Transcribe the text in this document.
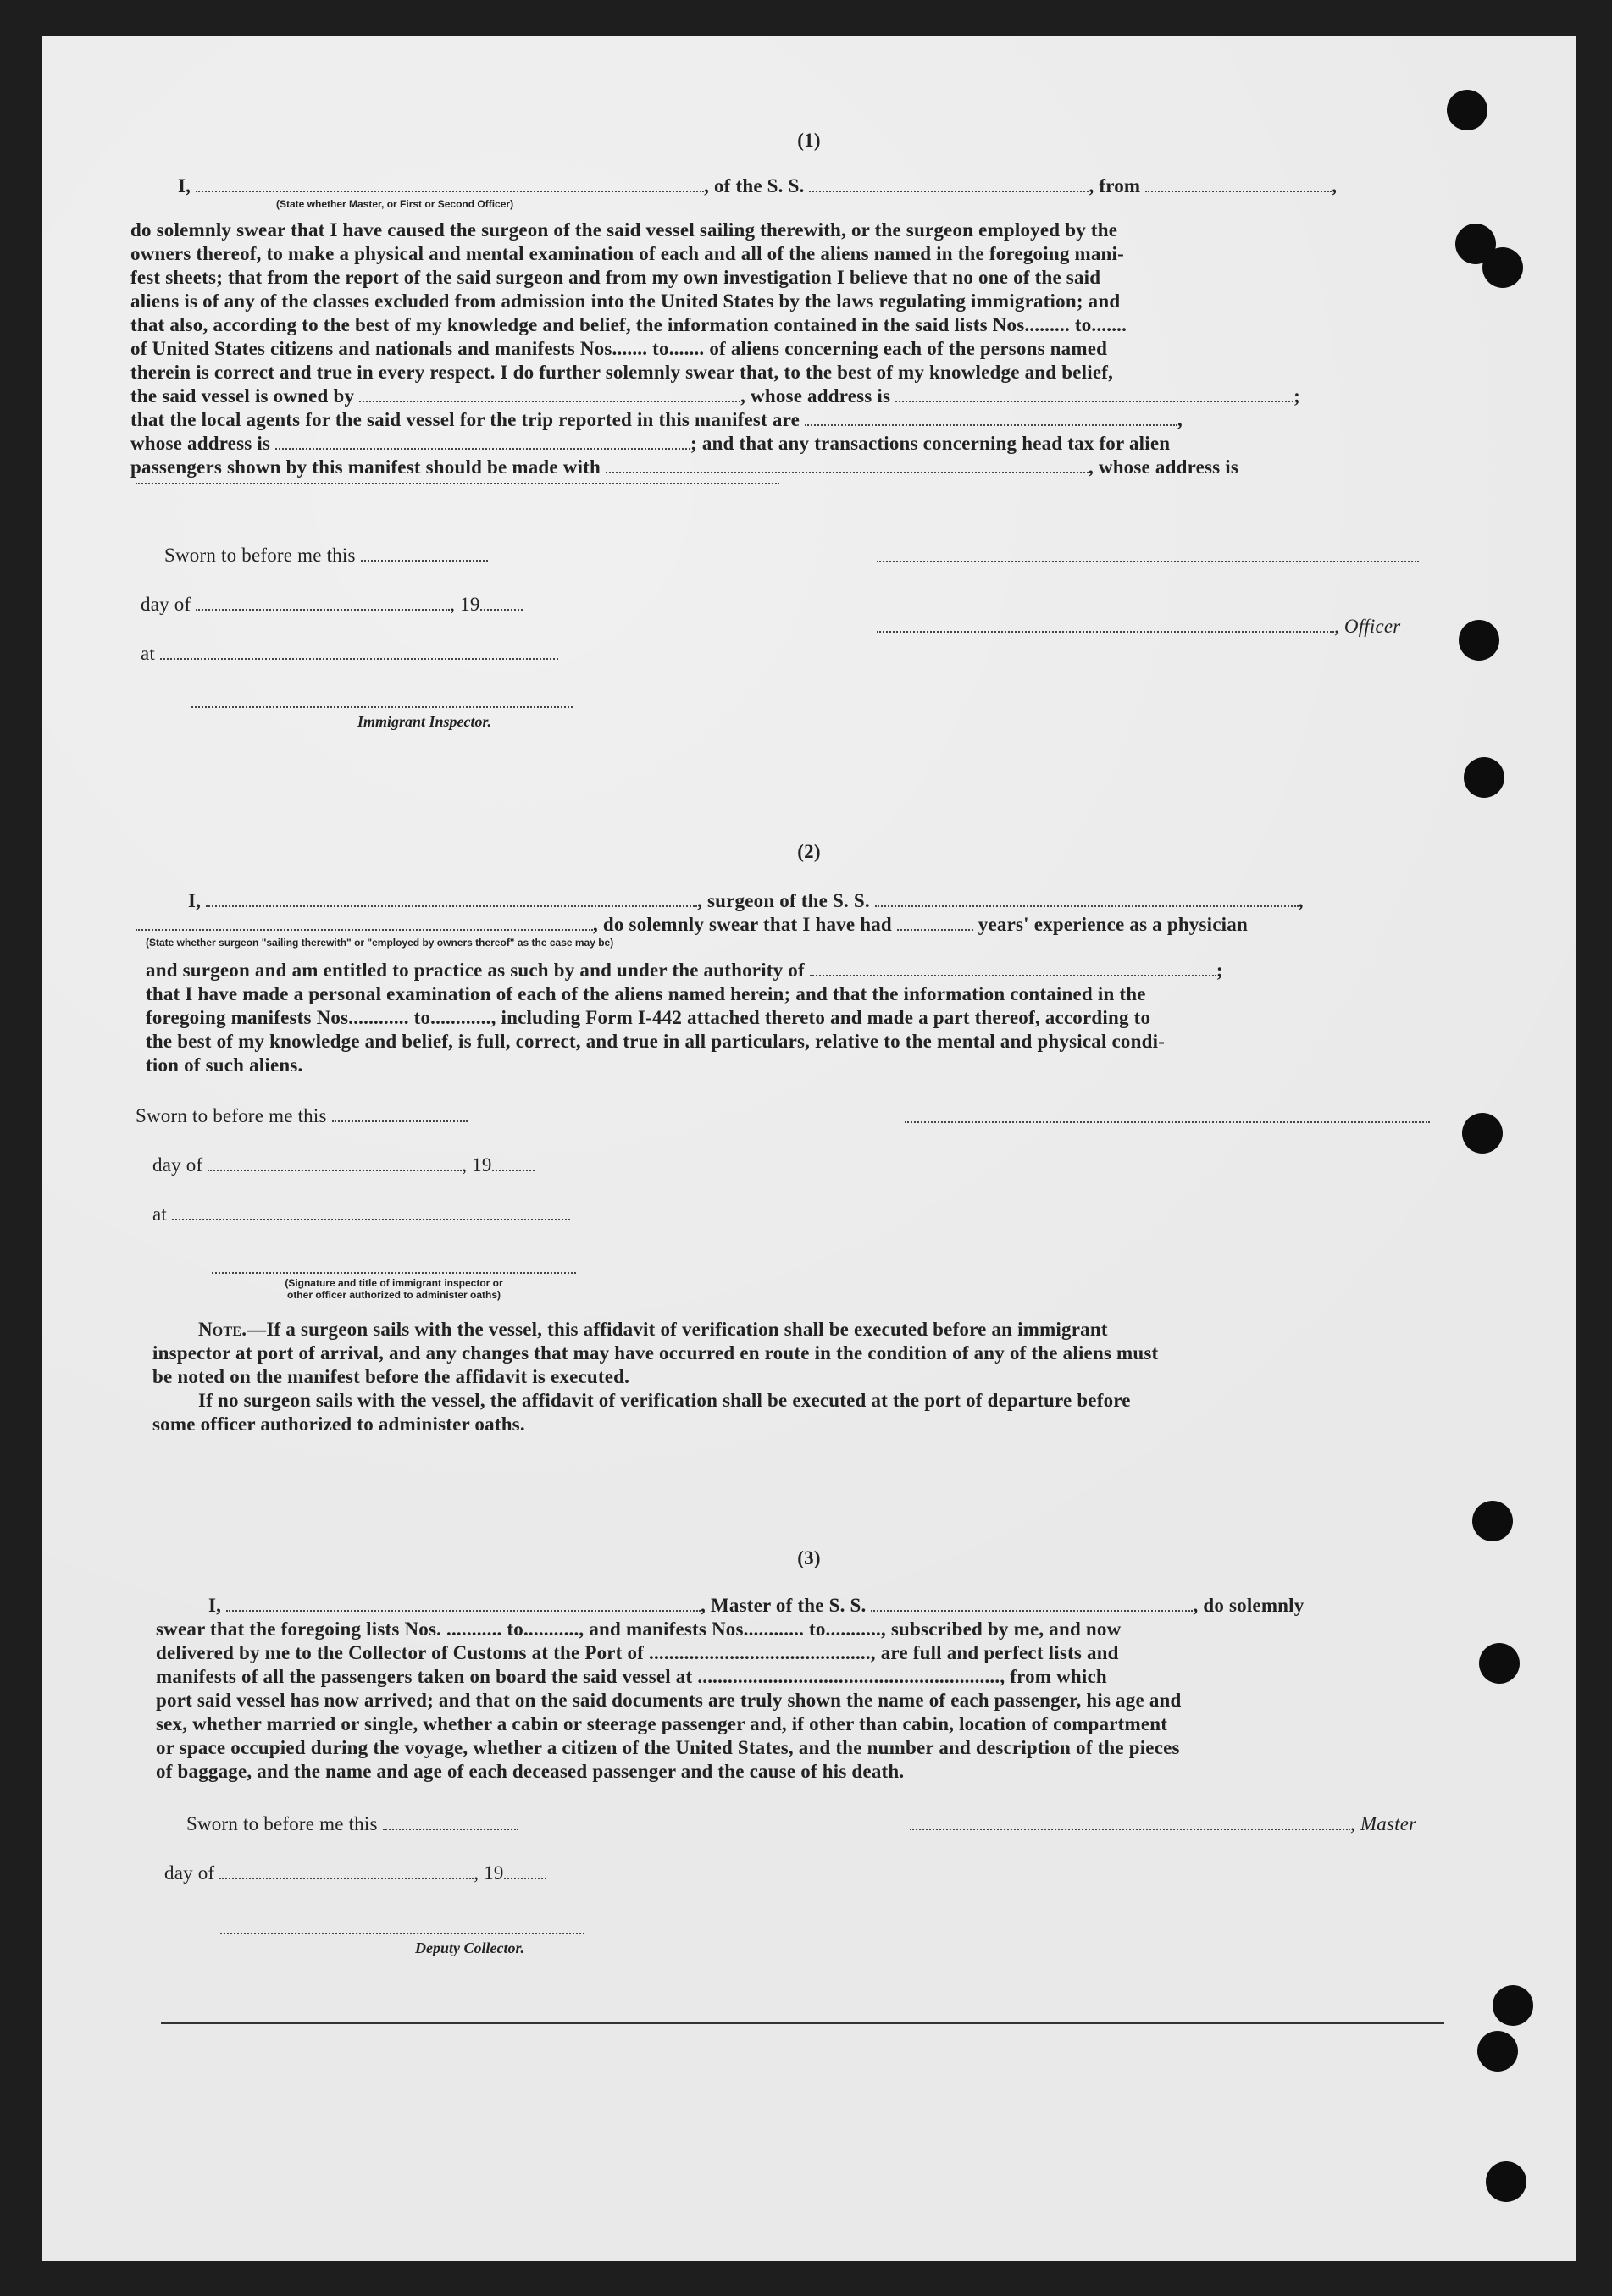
(1)
I,	, of the S. S.	, from	,
(State whether Master, or First or Second Officer)
do solemnly swear that I have caused the surgeon of the said vessel sailing therewith, or the surgeon employed by the
owners thereof, to make a physical and mental examination of each and all of the aliens named in the foregoing mani-
fest sheets; that from the report of the said surgeon and from my own investigation I believe that no one of the said
aliens is of any of the classes excluded from admission into the United States by the laws regulating immigration; and
that also, according to the best of my knowledge and belief, the information contained in the said lists Nos......... to.......
of United States citizens and nationals and manifests Nos....... to....... of aliens concerning each of the persons named
therein is correct and true in every respect. I do further solemnly swear that, to the best of my knowledge and belief,
the said vessel is owned by	, whose address is	;
that the local agents for the said vessel for the trip reported in this manifest are	,
whose address is	; and that any transactions concerning head tax for alien
passengers shown by this manifest should be made with	, whose address is
Sworn to before me this
day of	, 19
, Officer
at
Immigrant Inspector.
(2)
I,	, surgeon of the S. S.	,
, do solemnly swear that I have had	years' experience as a physician
(State whether surgeon "sailing therewith" or "employed by owners thereof" as the case may be)
and surgeon and am entitled to practice as such by and under the authority of	;
that I have made a personal examination of each of the aliens named herein; and that the information contained in the
foregoing manifests Nos............ to............, including Form I-442 attached thereto and made a part thereof, according to
the best of my knowledge and belief, is full, correct, and true in all particulars, relative to the mental and physical condi-
tion of such aliens.
Sworn to before me this
day of	, 19
at
(Signature and title of immigrant inspector or
other officer authorized to administer oaths)
Note.—If a surgeon sails with the vessel, this affidavit of verification shall be executed before an immigrant
inspector at port of arrival, and any changes that may have occurred en route in the condition of any of the aliens must
be noted on the manifest before the affidavit is executed.
If no surgeon sails with the vessel, the affidavit of verification shall be executed at the port of departure before
some officer authorized to administer oaths.
(3)
I,	, Master of the S. S.	, do solemnly
swear that the foregoing lists Nos. ........... to..........., and manifests Nos............ to..........., subscribed by me, and now
delivered by me to the Collector of Customs at the Port of ............................................, are full and perfect lists and
manifests of all the passengers taken on board the said vessel at ............................................................, from which
port said vessel has now arrived; and that on the said documents are truly shown the name of each passenger, his age and
sex, whether married or single, whether a cabin or steerage passenger and, if other than cabin, location of compartment
or space occupied during the voyage, whether a citizen of the United States, and the number and description of the pieces
of baggage, and the name and age of each deceased passenger and the cause of his death.
Sworn to before me this	, Master
day of	, 19
Deputy Collector.
